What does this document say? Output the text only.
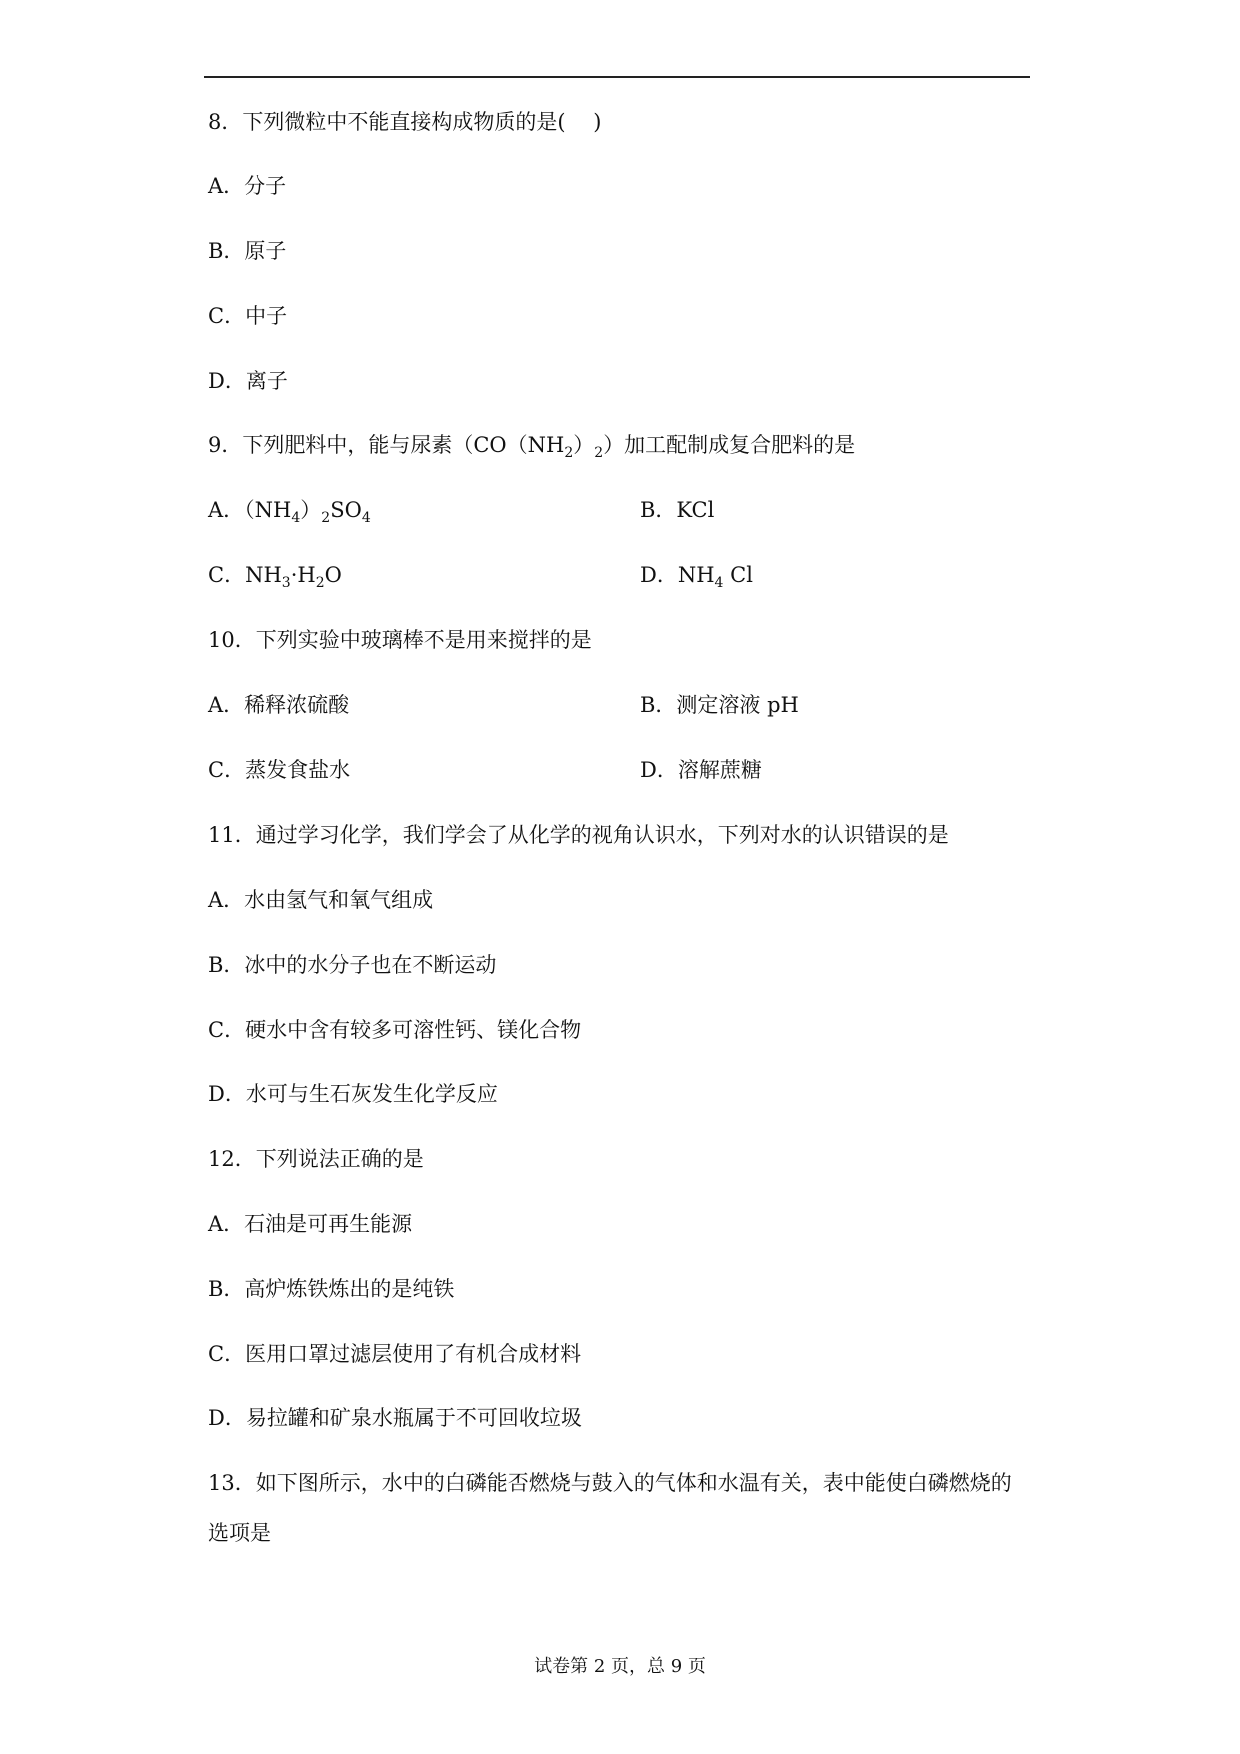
8．下列微粒中不能直接构成物质的是(　 )
A．分子
B．原子
C．中子
D．离子
9．下列肥料中，能与尿素$(CO(NH_2)_2)$加工配制成复合肥料的是
A．$(NH_4)_2SO_4$	B．KCl
C．$NH_3\cdot H_2O$	D．$NH_4$ Cl
10．下列实验中玻璃棒不是用来搅拌的是
A．稀释浓硫酸	B．测定溶液 pH
C．蒸发食盐水	D．溶解蔗糖
11．通过学习化学，我们学会了从化学的视角认识水，下列对水的认识错误的是
A．水由氢气和氧气组成
B．冰中的水分子也在不断运动
C．硬水中含有较多可溶性钙、镁化合物
D．水可与生石灰发生化学反应
12．下列说法正确的是
A．石油是可再生能源
B．高炉炼铁炼出的是纯铁
C．医用口罩过滤层使用了有机合成材料
D．易拉罐和矿泉水瓶属于不可回收垃圾
13．如下图所示，水中的白磷能否燃烧与鼓入的气体和水温有关，表中能使白磷燃烧的
选项是
试卷第 2 页，总 9 页
